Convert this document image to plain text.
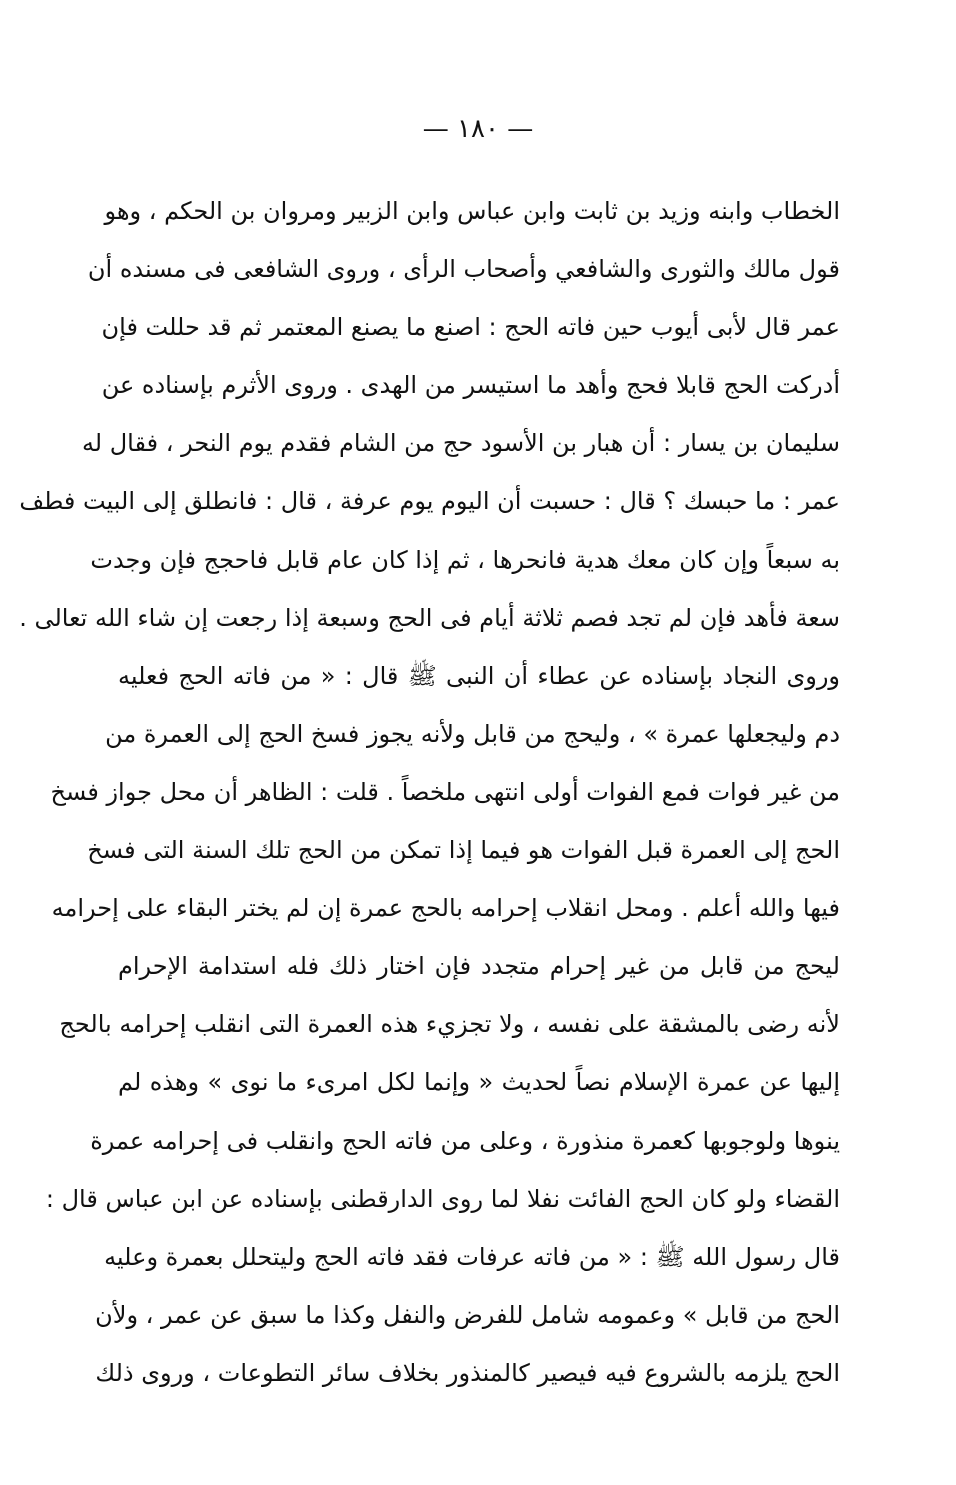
— ١٨٠ —
الخطاب وابنه وزيد بن ثابت وابن عباس وابن الزبير ومروان بن الحكم ، وهو
قول مالك والثورى والشافعي وأصحاب الرأى ، وروى الشافعى فى مسنده أن
عمر قال لأبى أيوب حين فاته الحج : اصنع ما يصنع المعتمر ثم قد حللت فإن
أدركت الحج قابلا فحج وأهد ما استيسر من الهدى . وروى الأثرم بإسناده عن
سليمان بن يسار : أن هبار بن الأسود حج من الشام فقدم يوم النحر ، فقال له
عمر : ما حبسك ؟ قال : حسبت أن اليوم يوم عرفة ، قال : فانطلق إلى البيت فطف
به سبعاً وإن كان معك هدية فانحرها ، ثم إذا كان عام قابل فاحجج فإن وجدت
سعة فأهد فإن لم تجد فصم ثلاثة أيام فى الحج وسبعة إذا رجعت إن شاء الله تعالى .
وروى النجاد بإسناده عن عطاء أن النبى ﷺ قال : « من فاته الحج فعليه
دم وليجعلها عمرة » ، وليحج من قابل ولأنه يجوز فسخ الحج إلى العمرة من
من غير فوات فمع الفوات أولى انتهى ملخصاً . قلت : الظاهر أن محل جواز فسخ
الحج إلى العمرة قبل الفوات هو فيما إذا تمكن من الحج تلك السنة التى فسخ
فيها والله أعلم . ومحل انقلاب إحرامه بالحج عمرة إن لم يختر البقاء على إحرامه
ليحج من قابل من غير إحرام متجدد فإن اختار ذلك فله استدامة الإحرام
لأنه رضى بالمشقة على نفسه ، ولا تجزيء هذه العمرة التى انقلب إحرامه بالحج
إليها عن عمرة الإسلام نصاً لحديث « وإنما لكل امرىء ما نوى » وهذه لم
ينوها ولوجوبها كعمرة منذورة ، وعلى من فاته الحج وانقلب فى إحرامه عمرة
القضاء ولو كان الحج الفائت نفلا لما روى الدارقطنى بإسناده عن ابن عباس قال :
قال رسول الله ﷺ : « من فاته عرفات فقد فاته الحج وليتحلل بعمرة وعليه
الحج من قابل » وعمومه شامل للفرض والنفل وكذا ما سبق عن عمر ، ولأن
الحج يلزمه بالشروع فيه فيصير كالمنذور بخلاف سائر التطوعات ، وروى ذلك
